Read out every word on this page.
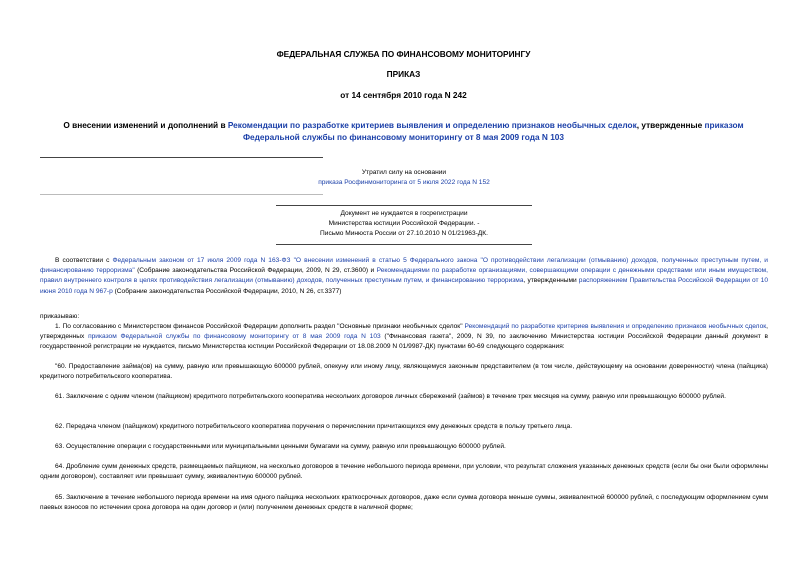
ФЕДЕРАЛЬНАЯ СЛУЖБА ПО ФИНАНСОВОМУ МОНИТОРИНГУ
ПРИКАЗ
от 14 сентября 2010 года N 242
О внесении изменений и дополнений в Рекомендации по разработке критериев выявления и определению признаков необычных сделок, утвержденные приказом Федеральной службы по финансовому мониторингу от 8 мая 2009 года N 103
Утратил силу на основании
приказа Росфинмониторинга от 5 июля 2022 года N 152
Документ не нуждается в госрегистрации
Министерства юстиции Российской Федерации. -
Письмо Минюста России от 27.10.2010 N 01/21963-ДК.
В соответствии с Федеральным законом от 17 июля 2009 года N 163-ФЗ "О внесении изменений в статью 5 Федерального закона "О противодействии легализации (отмыванию) доходов, полученных преступным путем, и финансированию терроризма" (Собрание законодательства Российской Федерации, 2009, N 29, ст.3600) и Рекомендациями по разработке организациями, совершающими операции с денежными средствами или иным имуществом, правил внутреннего контроля в целях противодействия легализации (отмыванию) доходов, полученных преступным путем, и финансированию терроризма, утвержденными распоряжением Правительства Российской Федерации от 10 июня 2010 года N 967-р (Собрание законодательства Российской Федерации, 2010, N 26, ст.3377)
приказываю:
1. По согласованию с Министерством финансов Российской Федерации дополнить раздел "Основные признаки необычных сделок" Рекомендаций по разработке критериев выявления и определению признаков необычных сделок, утвержденных приказом Федеральной службы по финансовому мониторингу от 8 мая 2009 года N 103 ("Финансовая газета", 2009, N 39, по заключению Министерства юстиции Российской Федерации данный документ в государственной регистрации не нуждается, письмо Министерства юстиции Российской Федерации от 18.08.2009 N 01/9987-ДК) пунктами 60-69 следующего содержания:
"60. Предоставление займа(ов) на сумму, равную или превышающую 600000 рублей, опекуну или иному лицу, являющемуся законным представителем (в том числе, действующему на основании доверенности) члена (пайщика) кредитного потребительского кооператива.
61. Заключение с одним членом (пайщиком) кредитного потребительского кооператива нескольких договоров личных сбережений (займов) в течение трех месяцев на сумму, равную или превышающую 600000 рублей.
62. Передача членом (пайщиком) кредитного потребительского кооператива поручения о перечислении причитающихся ему денежных средств в пользу третьего лица.
63. Осуществление операции с государственными или муниципальными ценными бумагами на сумму, равную или превышающую 600000 рублей.
64. Дробление сумм денежных средств, размещаемых пайщиком, на несколько договоров в течение небольшого периода времени, при условии, что результат сложения указанных денежных средств (если бы они были оформлены одним договором), составляет или превышает сумму, эквивалентную 600000 рублей.
65. Заключение в течение небольшого периода времени на имя одного пайщика нескольких краткосрочных договоров, даже если сумма договора меньше суммы, эквивалентной 600000 рублей, с последующим оформлением сумм паевых взносов по истечении срока договора на один договор и (или) получением денежных средств в наличной форме;
